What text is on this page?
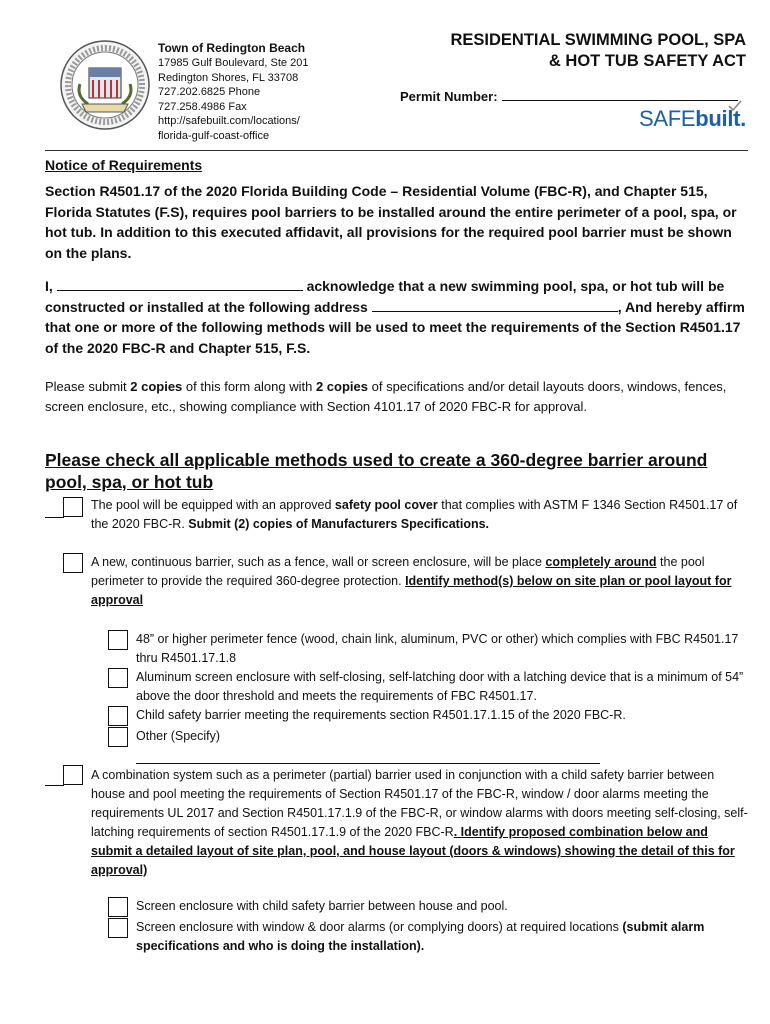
Town of Redington Beach
17985 Gulf Boulevard, Ste 201
Redington Shores, FL 33708
727.202.6825 Phone
727.258.4986 Fax
http://safebuilt.com/locations/
florida-gulf-coast-office
RESIDENTIAL SWIMMING POOL, SPA
& HOT TUB SAFETY ACT
Permit Number:
SAFEbuilt.
Notice of Requirements
Section R4501.17 of the 2020 Florida Building Code – Residential Volume (FBC-R), and Chapter 515, Florida Statutes (F.S), requires pool barriers to be installed around the entire perimeter of a pool, spa, or hot tub. In addition to this executed affidavit, all provisions for the required pool barrier must be shown on the plans.
I,	acknowledge that a new swimming pool, spa, or hot tub will be constructed or installed at the following address	, And hereby affirm that one or more of the following methods will be used to meet the requirements of the Section R4501.17 of the 2020 FBC-R and Chapter 515, F.S.
Please submit 2 copies of this form along with 2 copies of specifications and/or detail layouts doors, windows, fences, screen enclosure, etc., showing compliance with Section 4101.17 of 2020 FBC-R for approval.
Please check all applicable methods used to create a 360-degree barrier around pool, spa, or hot tub
The pool will be equipped with an approved safety pool cover that complies with ASTM F 1346 Section R4501.17 of the 2020 FBC-R. Submit (2) copies of Manufacturers Specifications.
A new, continuous barrier, such as a fence, wall or screen enclosure, will be place completely around the pool perimeter to provide the required 360-degree protection. Identify method(s) below on site plan or pool layout for approval
48” or higher perimeter fence (wood, chain link, aluminum, PVC or other) which complies with FBC R4501.17 thru R4501.17.1.8
Aluminum screen enclosure with self-closing, self-latching door with a latching device that is a minimum of 54” above the door threshold and meets the requirements of FBC R4501.17.
Child safety barrier meeting the requirements section R4501.17.1.15 of the 2020 FBC-R.
Other (Specify)
A combination system such as a perimeter (partial) barrier used in conjunction with a child safety barrier between house and pool meeting the requirements of Section R4501.17 of the FBC-R, window / door alarms meeting the requirements UL 2017 and Section R4501.17.1.9 of the FBC-R, or window alarms with doors meeting self-closing, self-latching requirements of section R4501.17.1.9 of the 2020 FBC-R. Identify proposed combination below and submit a detailed layout of site plan, pool, and house layout (doors & windows) showing the detail of this for approval)
Screen enclosure with child safety barrier between house and pool.
Screen enclosure with window & door alarms (or complying doors) at required locations (submit alarm specifications and who is doing the installation).
